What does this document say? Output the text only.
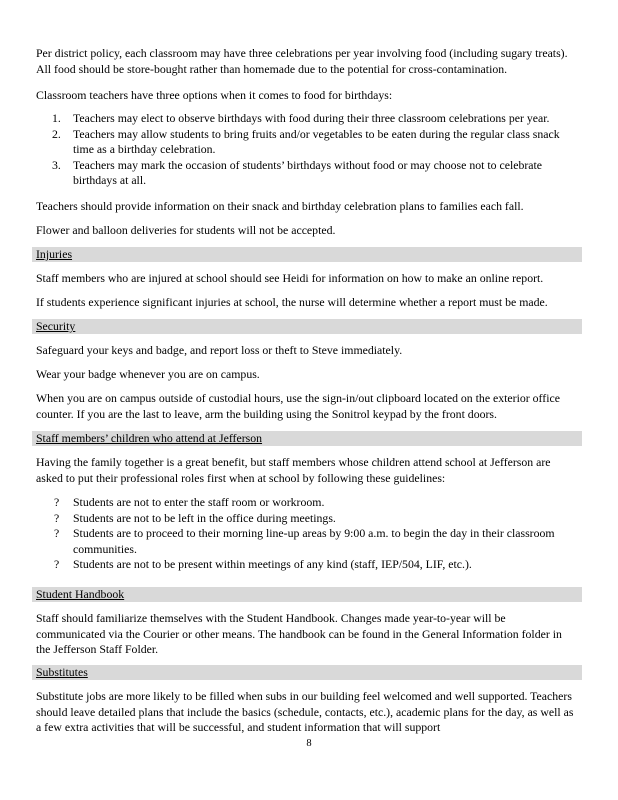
Per district policy, each classroom may have three celebrations per year involving food (including sugary treats). All food should be store-bought rather than homemade due to the potential for cross-contamination.

Classroom teachers have three options when it comes to food for birthdays:

1. Teachers may elect to observe birthdays with food during their three classroom celebrations per year.
2. Teachers may allow students to bring fruits and/or vegetables to be eaten during the regular class snack time as a birthday celebration.
3. Teachers may mark the occasion of students’ birthdays without food or may choose not to celebrate birthdays at all.

Teachers should provide information on their snack and birthday celebration plans to families each fall.

Flower and balloon deliveries for students will not be accepted.

Injuries

Staff members who are injured at school should see Heidi for information on how to make an online report.

If students experience significant injuries at school, the nurse will determine whether a report must be made.

Security

Safeguard your keys and badge, and report loss or theft to Steve immediately.

Wear your badge whenever you are on campus.

When you are on campus outside of custodial hours, use the sign-in/out clipboard located on the exterior office counter. If you are the last to leave, arm the building using the Sonitrol keypad by the front doors.

Staff members’ children who attend at Jefferson

Having the family together is a great benefit, but staff members whose children attend school at Jefferson are asked to put their professional roles first when at school by following these guidelines:

? Students are not to enter the staff room or workroom.
? Students are not to be left in the office during meetings.
? Students are to proceed to their morning line-up areas by 9:00 a.m. to begin the day in their classroom communities.
? Students are not to be present within meetings of any kind (staff, IEP/504, LIF, etc.).

Student Handbook

Staff should familiarize themselves with the Student Handbook. Changes made year-to-year will be communicated via the Courier or other means. The handbook can be found in the General Information folder in the Jefferson Staff Folder.

Substitutes

Substitute jobs are more likely to be filled when subs in our building feel welcomed and well supported. Teachers should leave detailed plans that include the basics (schedule, contacts, etc.), academic plans for the day, as well as a few extra activities that will be successful, and student information that will support

8
